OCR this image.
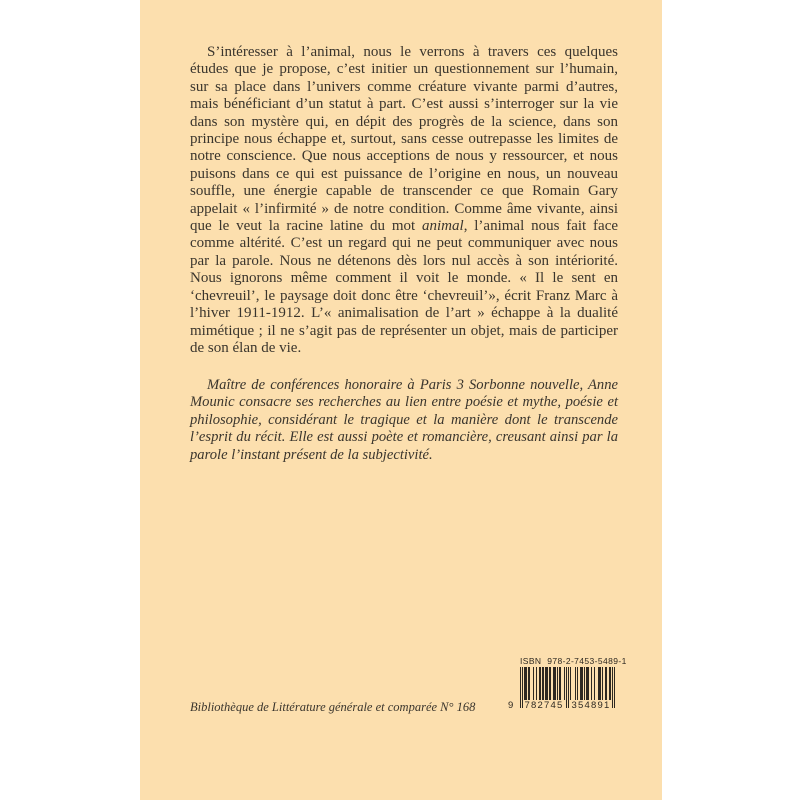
S’intéresser à l’animal, nous le verrons à travers ces quelques études que je propose, c’est initier un questionnement sur l’humain, sur sa place dans l’univers comme créature vivante parmi d’autres, mais bénéficiant d’un statut à part. C’est aussi s’interroger sur la vie dans son mystère qui, en dépit des progrès de la science, dans son principe nous échappe et, surtout, sans cesse outrepasse les limites de notre conscience. Que nous acceptions de nous y ressourcer, et nous puisons dans ce qui est puissance de l’origine en nous, un nouveau souffle, une énergie capable de transcender ce que Romain Gary appelait « l’infirmité » de notre condition. Comme âme vivante, ainsi que le veut la racine latine du mot animal, l’animal nous fait face comme altérité. C’est un regard qui ne peut communiquer avec nous par la parole. Nous ne détenons dès lors nul accès à son intériorité. Nous ignorons même comment il voit le monde. « Il le sent en ‘chevreuil’, le paysage doit donc être ‘chevreuil’», écrit Franz Marc à l’hiver 1911-1912. L’« animalisation de l’art » échappe à la dualité mimétique ; il ne s’agit pas de représenter un objet, mais de participer de son élan de vie.

Maître de conférences honoraire à Paris 3 Sorbonne nouvelle, Anne Mounic consacre ses recherches au lien entre poésie et mythe, poésie et philosophie, considérant le tragique et la manière dont le transcende l’esprit du récit. Elle est aussi poète et romancière, creusant ainsi par la parole l’instant présent de la subjectivité.

Bibliothèque de Littérature générale et comparée N° 168
ISBN 978-2-7453-5489-1
9 782745 354891
